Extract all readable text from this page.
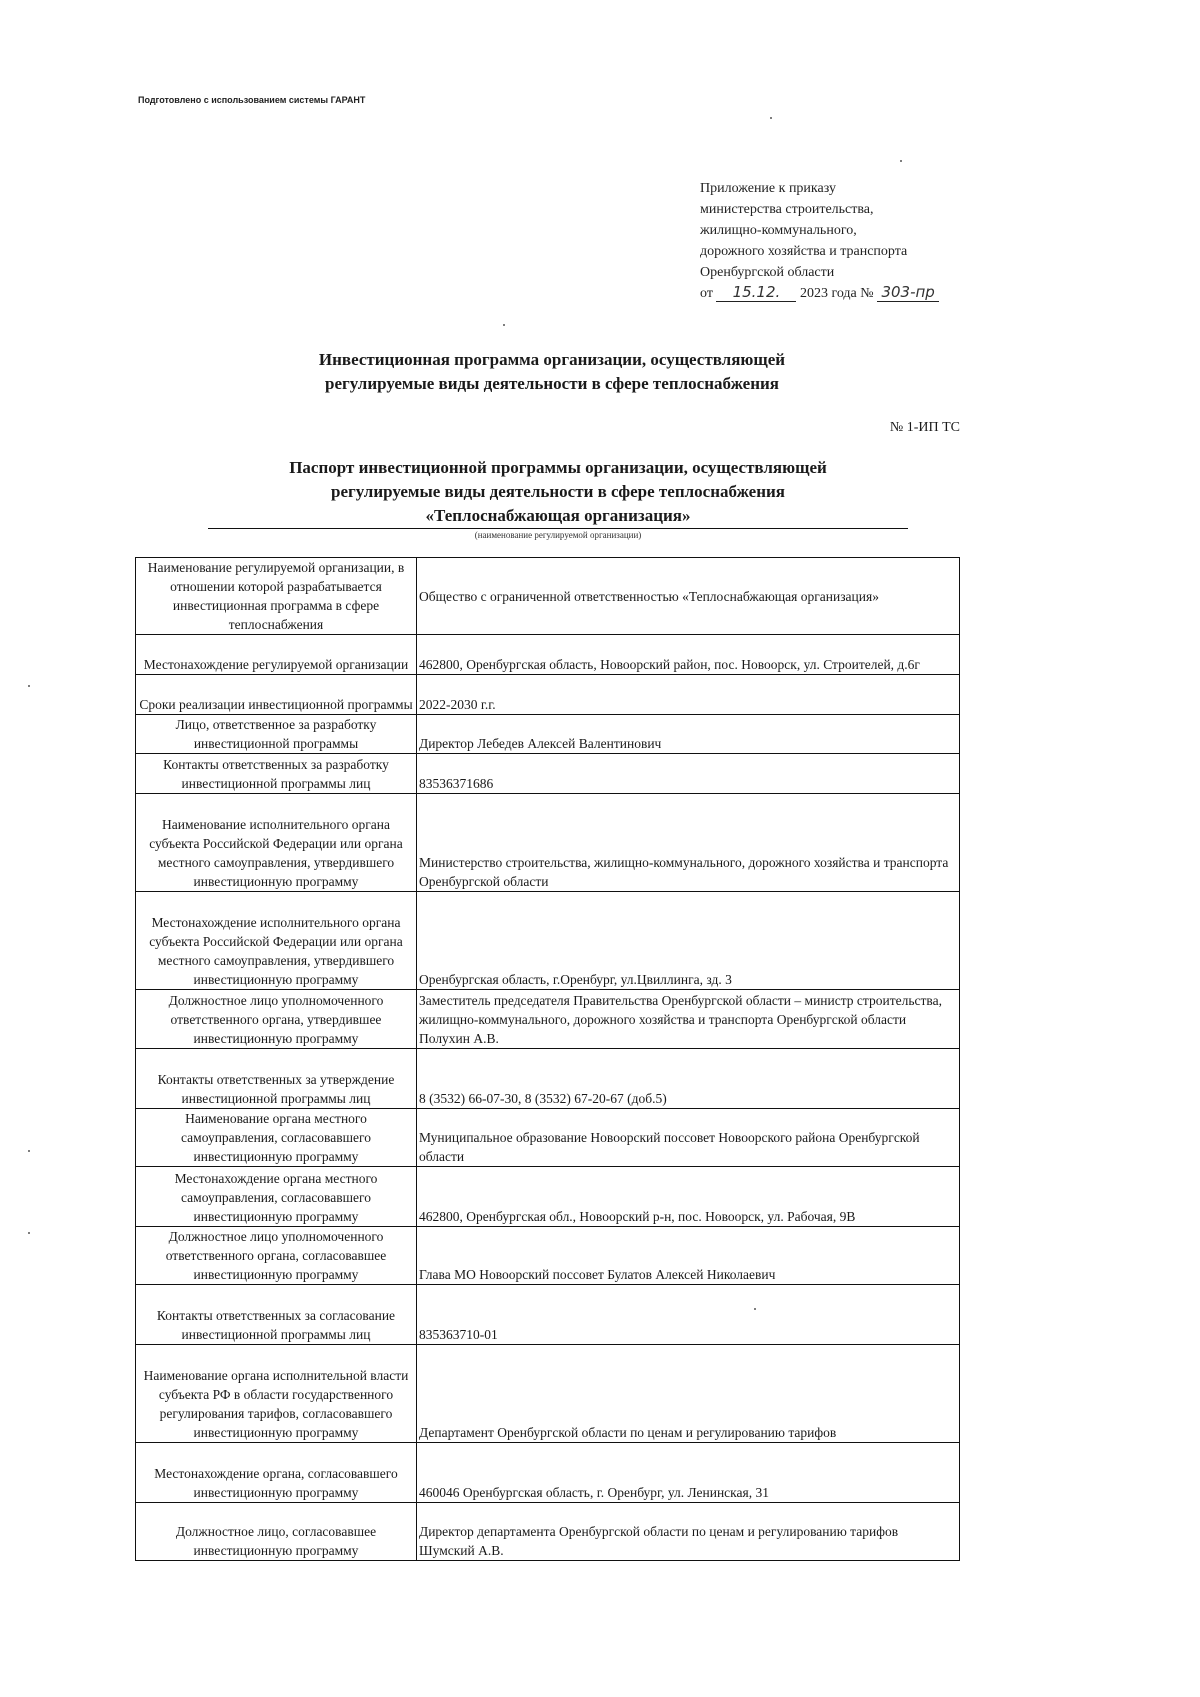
Подготовлено с использованием системы ГАРАНТ
Приложение к приказу
министерства строительства,
жилищно-коммунального,
дорожного хозяйства и транспорта
Оренбургской области
от 15.12. 2023 года № 303-пр
Инвестиционная программа организации, осуществляющей
регулируемые виды деятельности в сфере теплоснабжения
№ 1-ИП ТС
Паспорт инвестиционной программы организации, осуществляющей
регулируемые виды деятельности в сфере теплоснабжения
«Теплоснабжающая организация»
(наименование регулируемой организации)
Наименование регулируемой организации, в отношении которой разрабатывается инвестиционная программа в сфере теплоснабжения	Общество с ограниченной ответственностью «Теплоснабжающая организация»
Местонахождение регулируемой организации	462800, Оренбургская область, Новоорский район, пос. Новоорск, ул. Строителей, д.6г
Сроки реализации инвестиционной программы	2022-2030 г.г.
Лицо, ответственное за разработку инвестиционной программы	Директор Лебедев Алексей Валентинович
Контакты ответственных за разработку инвестиционной программы лиц	83536371686
Наименование исполнительного органа субъекта Российской Федерации или органа местного самоуправления, утвердившего инвестиционную программу	Министерство строительства, жилищно-коммунального, дорожного хозяйства и транспорта Оренбургской области
Местонахождение исполнительного органа субъекта Российской Федерации или органа местного самоуправления, утвердившего инвестиционную программу	Оренбургская область, г.Оренбург, ул.Цвиллинга, зд. 3
Должностное лицо уполномоченного ответственного органа, утвердившее инвестиционную программу	Заместитель председателя Правительства Оренбургской области – министр строительства, жилищно-коммунального, дорожного хозяйства и транспорта Оренбургской области Полухин А.В.
Контакты ответственных за утверждение инвестиционной программы лиц	8 (3532) 66-07-30, 8 (3532) 67-20-67 (доб.5)
Наименование органа местного самоуправления, согласовавшего инвестиционную программу	Муниципальное образование Новоорский поссовет Новоорского района Оренбургской области
Местонахождение органа местного самоуправления, согласовавшего инвестиционную программу	462800, Оренбургская обл., Новоорский р-н, пос. Новоорск, ул. Рабочая, 9В
Должностное лицо уполномоченного ответственного органа, согласовавшее инвестиционную программу	Глава МО Новоорский поссовет Булатов Алексей Николаевич
Контакты ответственных за согласование инвестиционной программы лиц	835363710-01
Наименование органа исполнительной власти субъекта РФ в области государственного регулирования тарифов, согласовавшего инвестиционную программу	Департамент Оренбургской области по ценам и регулированию тарифов
Местонахождение органа, согласовавшего инвестиционную программу	460046 Оренбургская область, г. Оренбург, ул. Ленинская, 31
Должностное лицо, согласовавшее инвестиционную программу	Директор департамента Оренбургской области по ценам и регулированию тарифов Шумский А.В.
